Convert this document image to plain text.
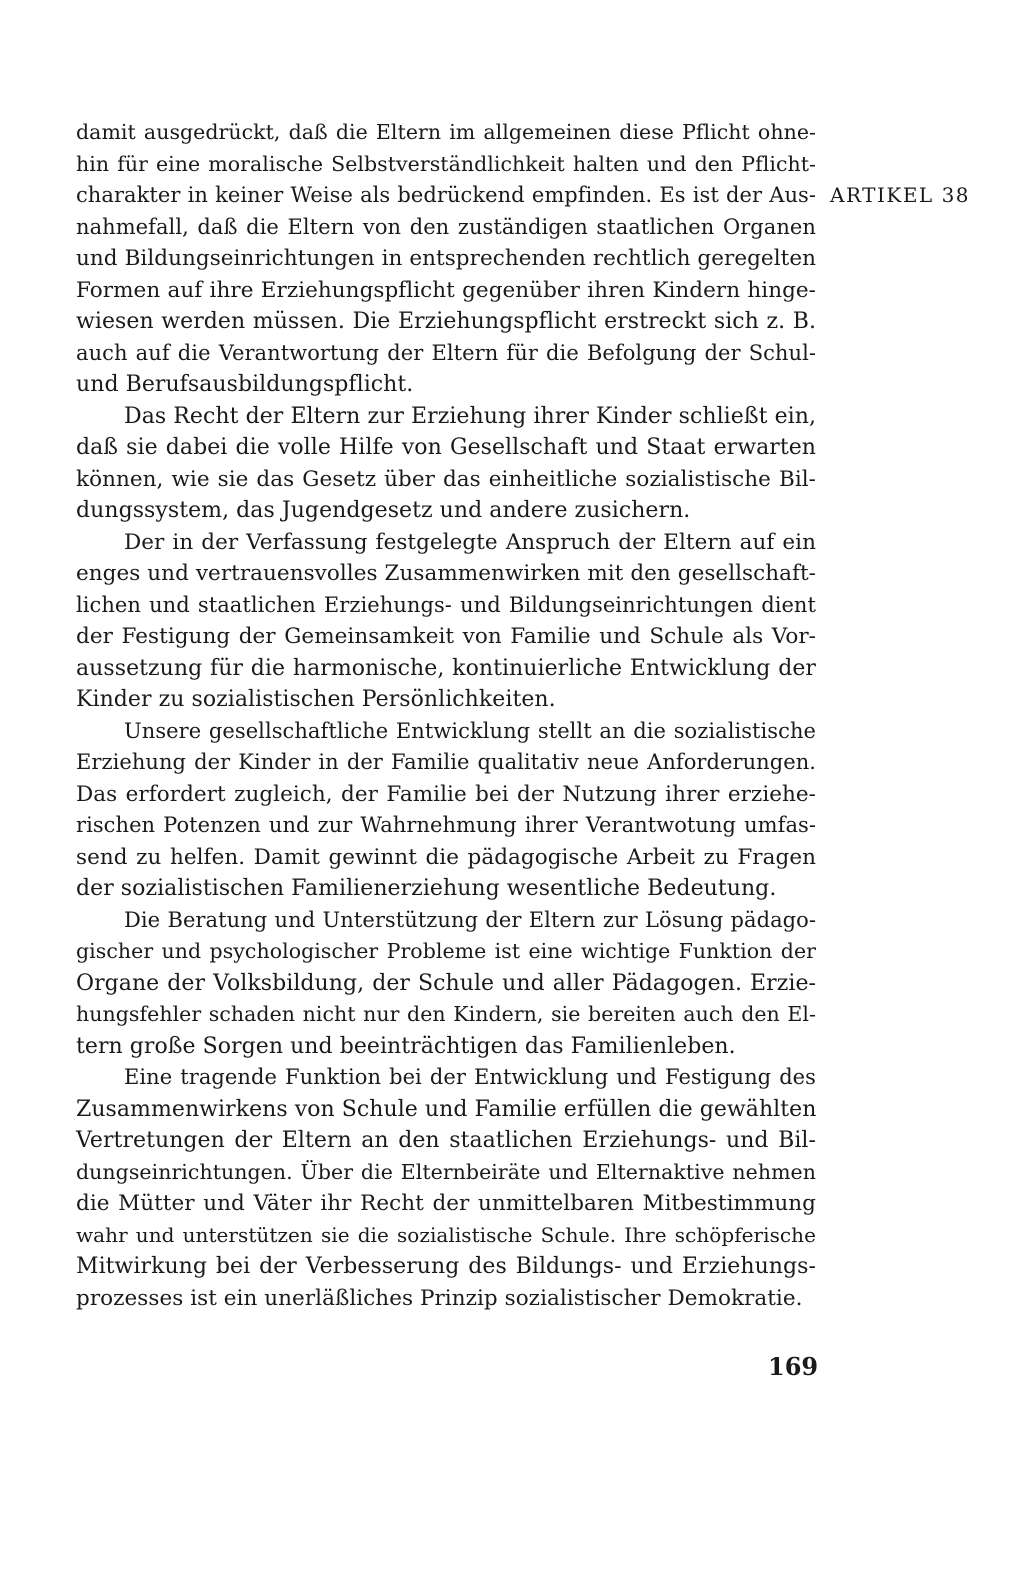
damit ausgedrückt, daß die Eltern im allgemeinen diese Pflicht ohne-
hin für eine moralische Selbstverständlichkeit halten und den Pflicht-
charakter in keiner Weise als bedrückend empfinden. Es ist der Aus-
nahmefall, daß die Eltern von den zuständigen staatlichen Organen
und Bildungseinrichtungen in entsprechenden rechtlich geregelten
Formen auf ihre Erziehungspflicht gegenüber ihren Kindern hinge-
wiesen werden müssen. Die Erziehungspflicht erstreckt sich z. B.
auch auf die Verantwortung der Eltern für die Befolgung der Schul-
und Berufsausbildungspflicht.
Das Recht der Eltern zur Erziehung ihrer Kinder schließt ein,
daß sie dabei die volle Hilfe von Gesellschaft und Staat erwarten
können, wie sie das Gesetz über das einheitliche sozialistische Bil-
dungssystem, das Jugendgesetz und andere zusichern.
Der in der Verfassung festgelegte Anspruch der Eltern auf ein
enges und vertrauensvolles Zusammenwirken mit den gesellschaft-
lichen und staatlichen Erziehungs- und Bildungseinrichtungen dient
der Festigung der Gemeinsamkeit von Familie und Schule als Vor-
aussetzung für die harmonische, kontinuierliche Entwicklung der
Kinder zu sozialistischen Persönlichkeiten.
Unsere gesellschaftliche Entwicklung stellt an die sozialistische
Erziehung der Kinder in der Familie qualitativ neue Anforderungen.
Das erfordert zugleich, der Familie bei der Nutzung ihrer erziehe-
rischen Potenzen und zur Wahrnehmung ihrer Verantwotung umfas-
send zu helfen. Damit gewinnt die pädagogische Arbeit zu Fragen
der sozialistischen Familienerziehung wesentliche Bedeutung.
Die Beratung und Unterstützung der Eltern zur Lösung pädago-
gischer und psychologischer Probleme ist eine wichtige Funktion der
Organe der Volksbildung, der Schule und aller Pädagogen. Erzie-
hungsfehler schaden nicht nur den Kindern, sie bereiten auch den El-
tern große Sorgen und beeinträchtigen das Familienleben.
Eine tragende Funktion bei der Entwicklung und Festigung des
Zusammenwirkens von Schule und Familie erfüllen die gewählten
Vertretungen der Eltern an den staatlichen Erziehungs- und Bil-
dungseinrichtungen. Über die Elternbeiräte und Elternaktive nehmen
die Mütter und Väter ihr Recht der unmittelbaren Mitbestimmung
wahr und unterstützen sie die sozialistische Schule. Ihre schöpferische
Mitwirkung bei der Verbesserung des Bildungs- und Erziehungs-
prozesses ist ein unerläßliches Prinzip sozialistischer Demokratie.
ARTIKEL 38
169
